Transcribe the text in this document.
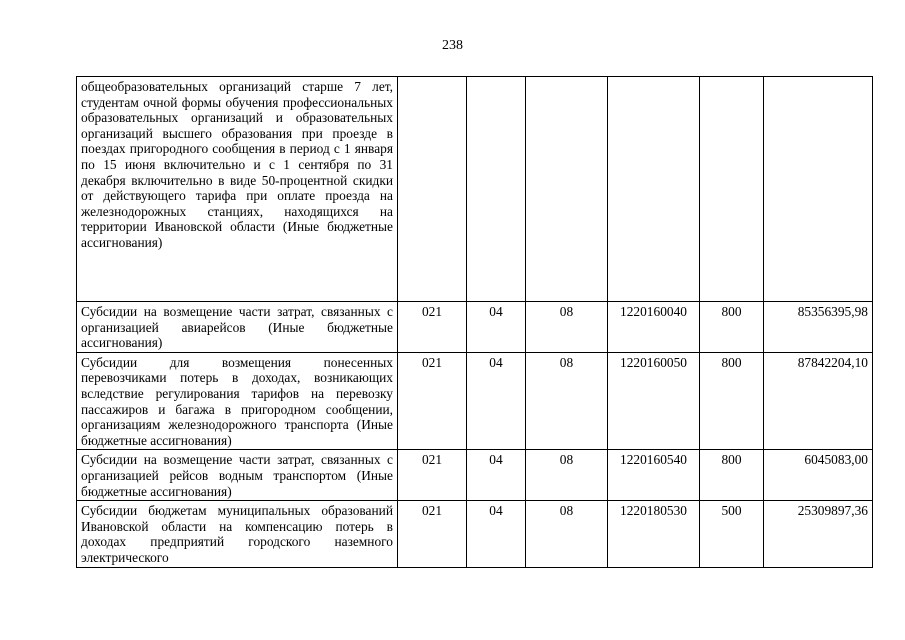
238
общеобразовательных организаций старше 7 лет, студентам очной формы обучения профессиональных образовательных организаций и образовательных организаций высшего образования при проезде в поездах пригородного сообщения в период с 1 января по 15 июня включительно и с 1 сентября по 31 декабря включительно в виде 50-процентной скидки от действующего тарифа при оплате проезда на железнодорожных станциях, находящихся на территории Ивановской области (Иные бюджетные ассигнования)						
Субсидии на возмещение части затрат, связанных с организацией авиарейсов (Иные бюджетные ассигнования)	021	04	08	1220160040	800	85356395,98
Субсидии для возмещения понесенных перевозчиками потерь в доходах, возникающих вследствие регулирования тарифов на перевозку пассажиров и багажа в пригородном сообщении, организациям железнодорожного транспорта (Иные бюджетные ассигнования)	021	04	08	1220160050	800	87842204,10
Субсидии на возмещение части затрат, связанных с организацией рейсов водным транспортом (Иные бюджетные ассигнования)	021	04	08	1220160540	800	6045083,00
Субсидии бюджетам муниципальных образований Ивановской области на компенсацию потерь в доходах предприятий городского наземного электрического	021	04	08	1220180530	500	25309897,36
